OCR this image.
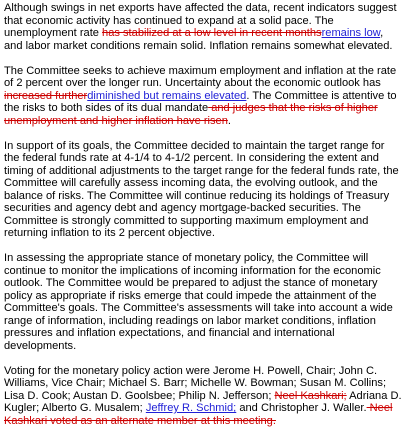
Although swings in net exports have affected the data, recent indicators suggest that economic activity has continued to expand at a solid pace. The unemployment rate has stabilized at a low level in recent monthsremains low, and labor market conditions remain solid. Inflation remains somewhat elevated.

The Committee seeks to achieve maximum employment and inflation at the rate of 2 percent over the longer run. Uncertainty about the economic outlook has increased furtherdiminished but remains elevated. The Committee is attentive to the risks to both sides of its dual mandate and judges that the risks of higher unemployment and higher inflation have risen.

In support of its goals, the Committee decided to maintain the target range for the federal funds rate at 4-1/4 to 4-1/2 percent. In considering the extent and timing of additional adjustments to the target range for the federal funds rate, the Committee will carefully assess incoming data, the evolving outlook, and the balance of risks. The Committee will continue reducing its holdings of Treasury securities and agency debt and agency mortgage-backed securities. The Committee is strongly committed to supporting maximum employment and returning inflation to its 2 percent objective.

In assessing the appropriate stance of monetary policy, the Committee will continue to monitor the implications of incoming information for the economic outlook. The Committee would be prepared to adjust the stance of monetary policy as appropriate if risks emerge that could impede the attainment of the Committee's goals. The Committee's assessments will take into account a wide range of information, including readings on labor market conditions, inflation pressures and inflation expectations, and financial and international developments.

Voting for the monetary policy action were Jerome H. Powell, Chair; John C. Williams, Vice Chair; Michael S. Barr; Michelle W. Bowman; Susan M. Collins; Lisa D. Cook; Austan D. Goolsbee; Philip N. Jefferson; Neel Kashkari; Adriana D. Kugler; Alberto G. Musalem; Jeffrey R. Schmid; and Christopher J. Waller. Neel Kashkari voted as an alternate member at this meeting.
